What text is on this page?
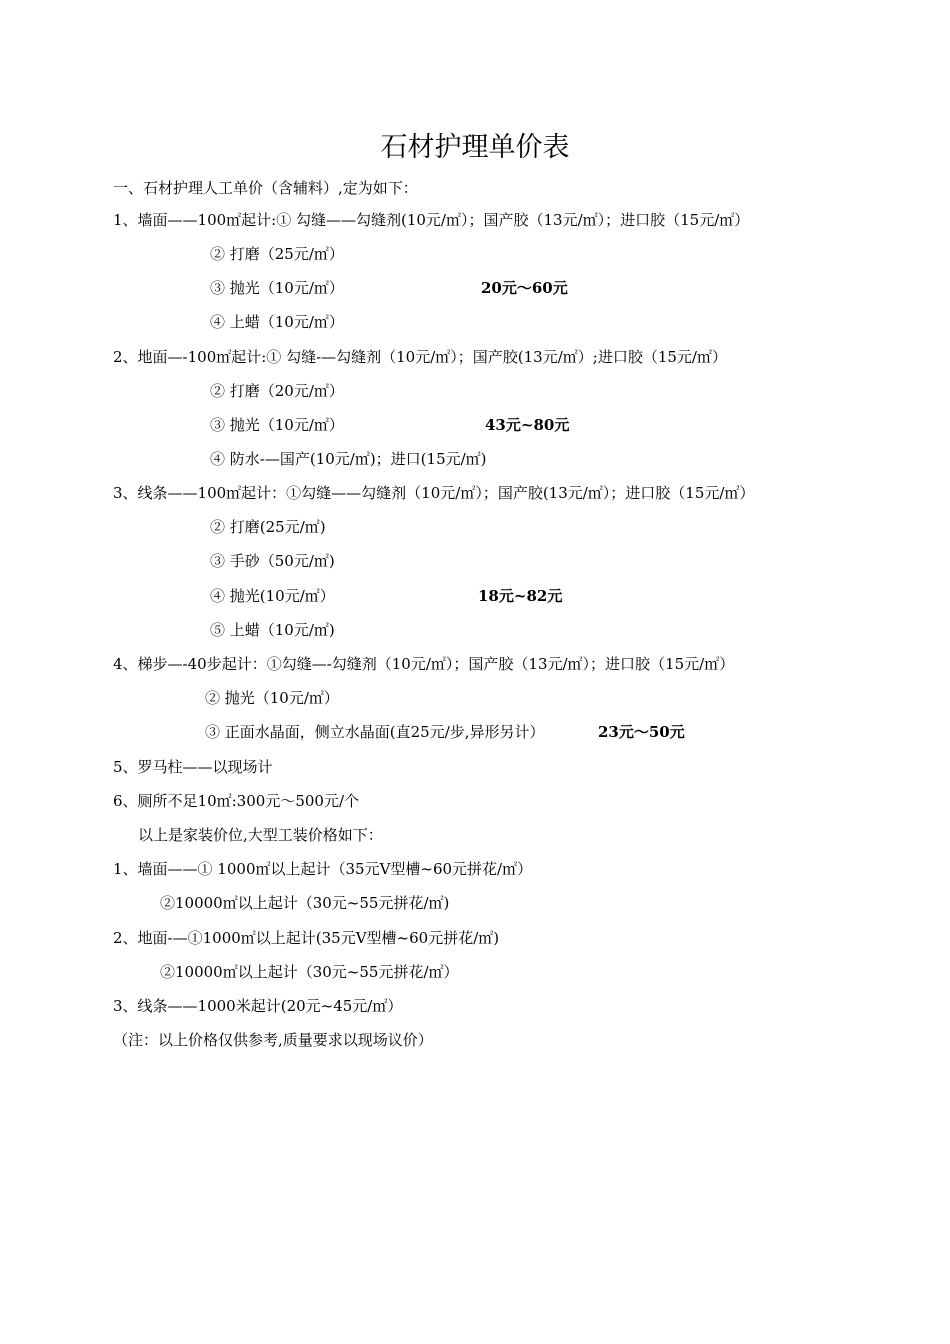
石材护理单价表
一、石材护理人工单价（含辅料）,定为如下：
1、墙面——100㎡起计:① 勾缝——勾缝剂(10元/㎡）；国产胶（13元/㎡）；进口胶（15元/㎡）
② 打磨（25元/㎡）
③ 抛光（10元/㎡）	20元～60元
④ 上蜡（10元/㎡）
2、地面—-100㎡起计:① 勾缝-—勾缝剂（10元/㎡）；国产胶(13元/㎡）;进口胶（15元/㎡）
② 打磨（20元/㎡）
③ 抛光（10元/㎡）	43元~80元
④ 防水-—国产(10元/㎡)；进口(15元/㎡)
3、线条——100㎡起计：①勾缝——勾缝剂（10元/㎡）；国产胶(13元/㎡）；进口胶（15元/㎡）
② 打磨(25元/㎡)
③ 手砂（50元/㎡)
④ 抛光(10元/㎡）	18元~82元
⑤ 上蜡（10元/㎡)
4、梯步—-40步起计：①勾缝—-勾缝剂（10元/㎡）；国产胶（13元/㎡）；进口胶（15元/㎡）
② 抛光（10元/㎡）
③ 正面水晶面，侧立水晶面(直25元/步,异形另计）	23元～50元
5、罗马柱——以现场计
6、厕所不足10㎡:300元～500元/个
以上是家装价位,大型工装价格如下：
1、墙面——① 1000㎡以上起计（35元V型槽~60元拼花/㎡）
②10000㎡以上起计（30元~55元拼花/㎡)
2、地面-—①1000㎡以上起计(35元V型槽~60元拼花/㎡)
②10000㎡以上起计（30元~55元拼花/㎡）
3、线条——1000米起计(20元~45元/㎡）
（注：以上价格仅供参考,质量要求以现场议价）
